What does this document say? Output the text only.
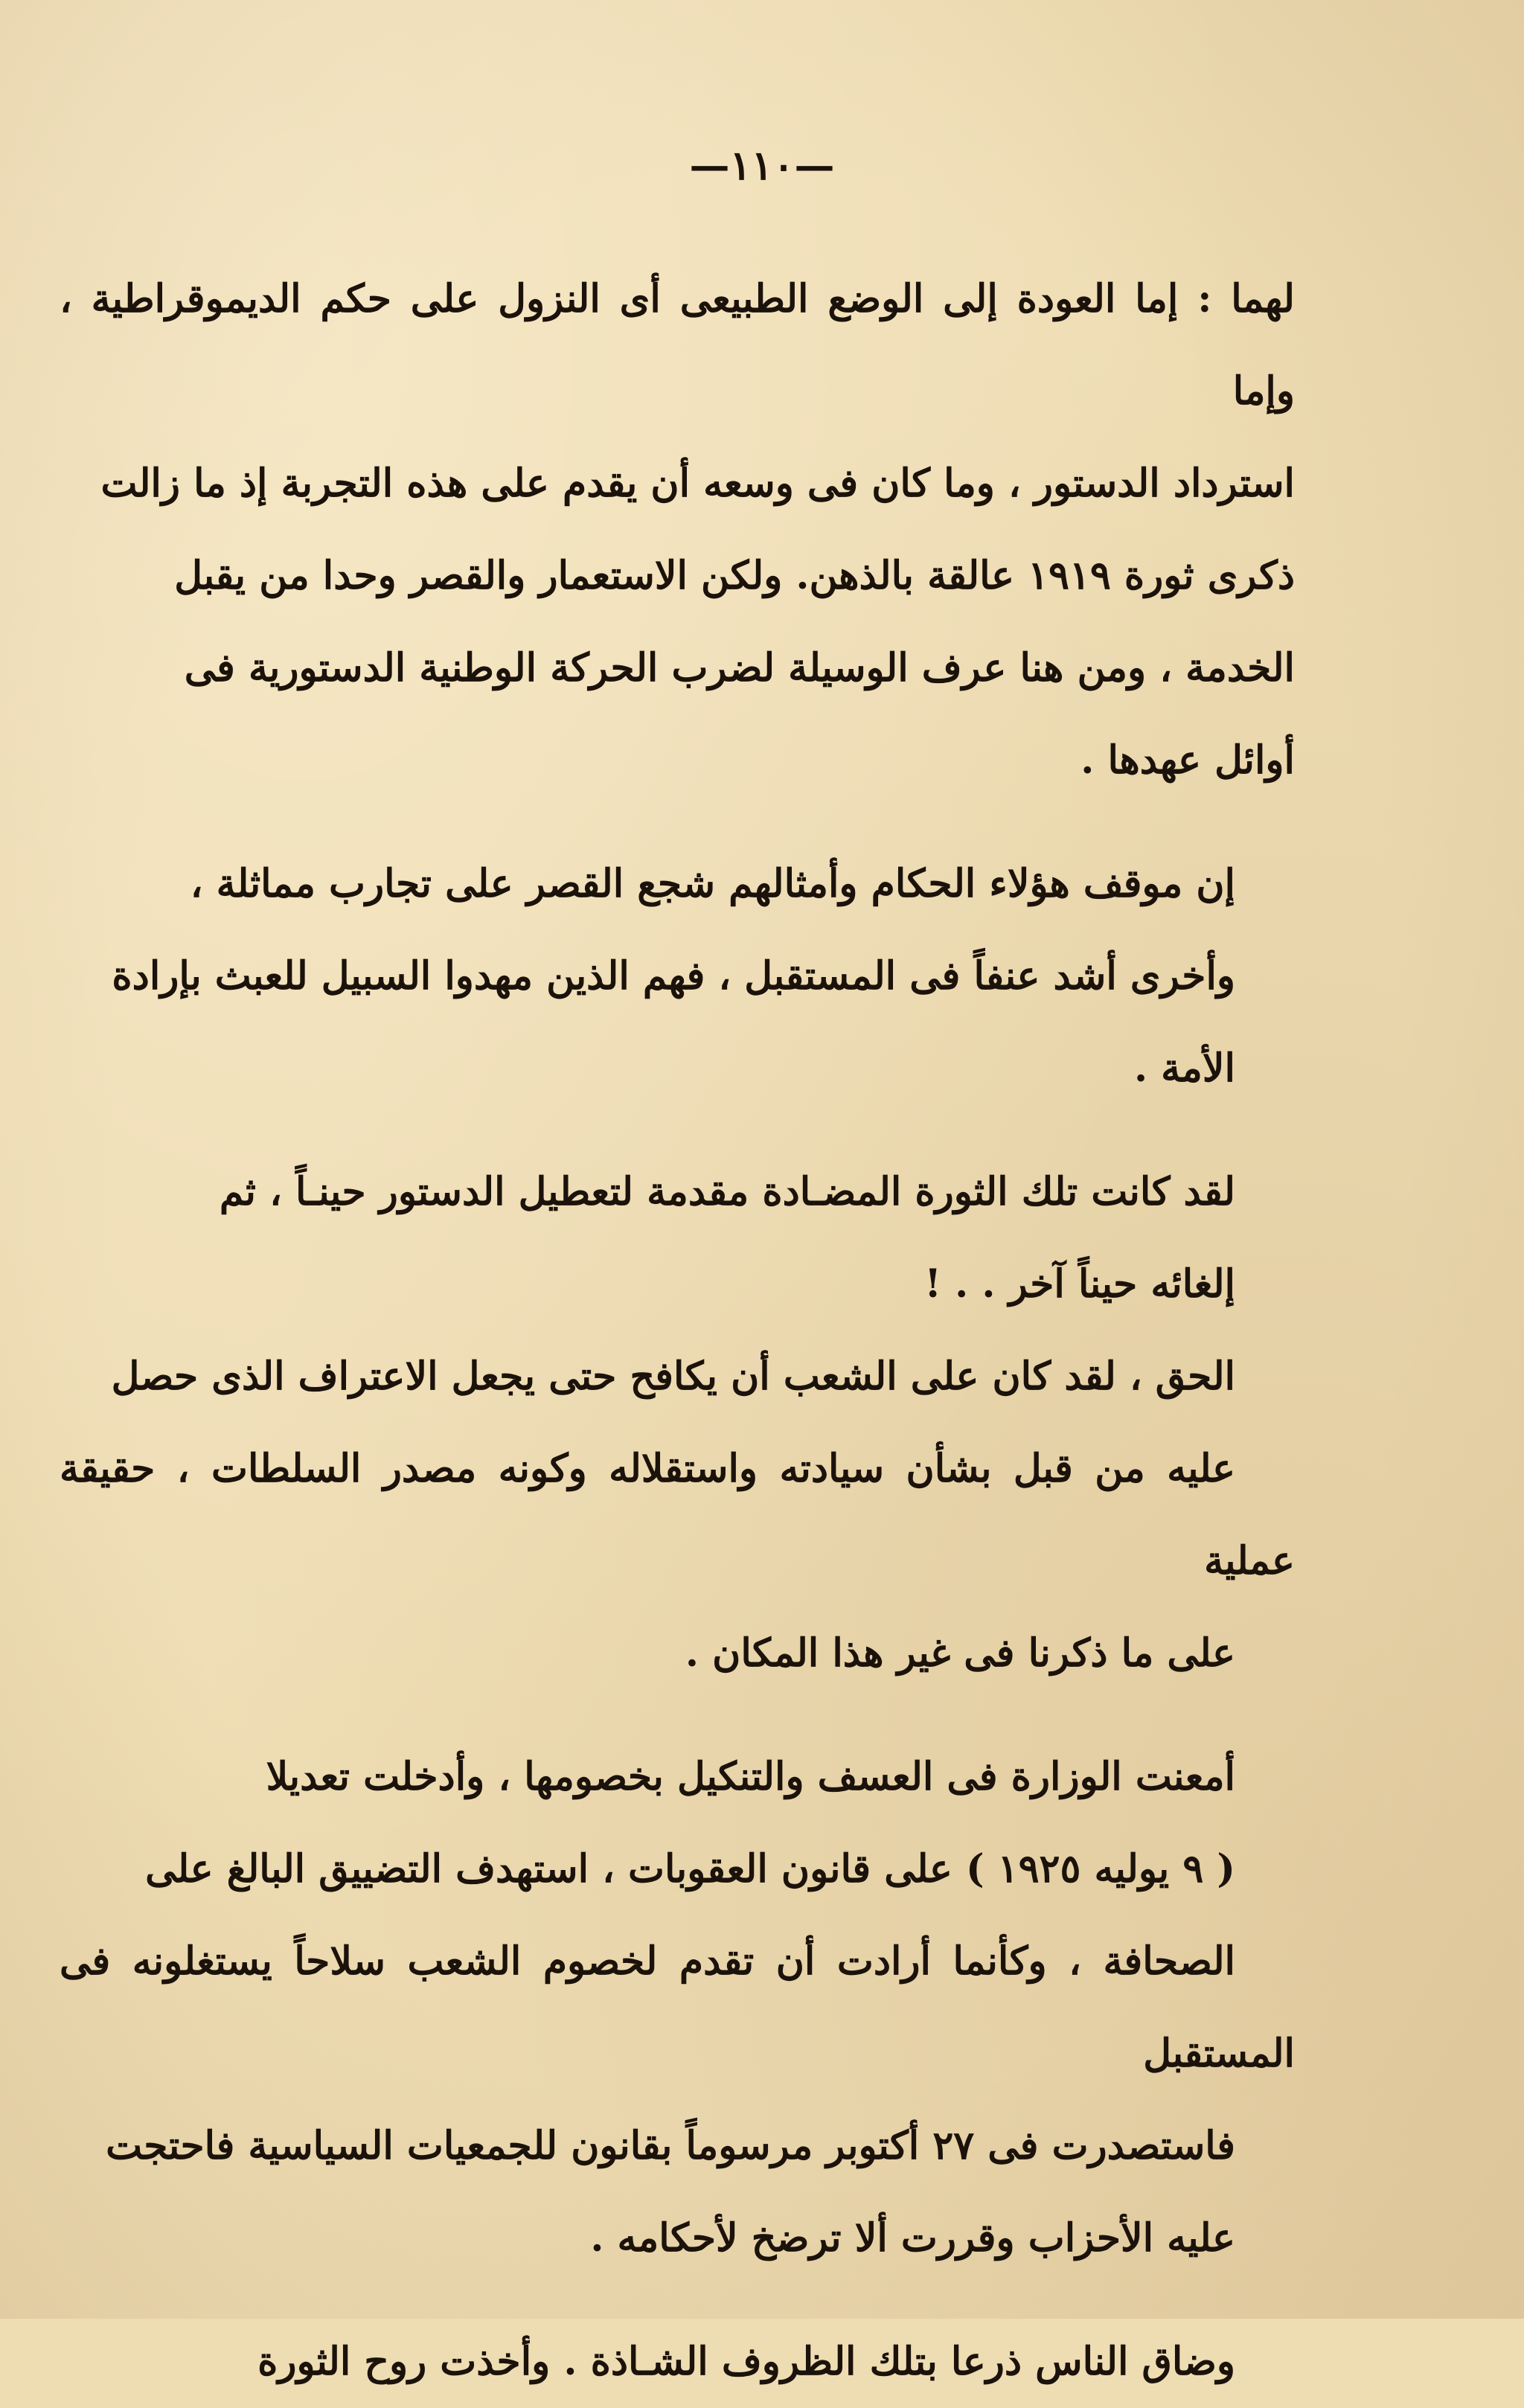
—١١٠—

لهما : إما العودة إلى الوضع الطبيعى أى النزول على حكم الديموقراطية ، وإما
استرداد الدستور ، وما كان فى وسعه أن يقدم على هذه التجربة إذ ما زالت
ذكرى ثورة ١٩١٩ عالقة بالذهن. ولكن الاستعمار والقصر وحدا من يقبل
الخدمة ، ومن هنا عرف الوسيلة لضرب الحركة الوطنية الدستورية فى
أوائل عهدها .

إن موقف هؤلاء الحكام وأمثالهم شجع القصر على تجارب مماثلة ،
وأخرى أشد عنفاً فى المستقبل ، فهم الذين مهدوا السبيل للعبث بإرادة
الأمة .

لقد كانت تلك الثورة المضـادة مقدمة لتعطيل الدستور حينـاً ، ثم
إلغائه حيناً آخر . . !

الحق ، لقد كان على الشعب أن يكافح حتى يجعل الاعتراف الذى حصل
عليه من قبل بشأن سيادته واستقلاله وكونه مصدر السلطات ، حقيقة عملية
على ما ذكرنا فى غير هذا المكان .

أمعنت الوزارة فى العسف والتنكيل بخصومها ، وأدخلت تعديلا
( ٩ يوليه ١٩٢٥ ) على قانون العقوبات ، استهدف التضييق البالغ على
الصحافة ، وكأنما أرادت أن تقدم لخصوم الشعب سلاحاً يستغلونه فى المستقبل
فاستصدرت فى ٢٧ أكتوبر مرسوماً بقانون للجمعيات السياسية فاحتجت
عليه الأحزاب وقررت ألا ترضخ لأحكامه .

وضاق الناس ذرعا بتلك الظروف الشـاذة . وأخذت روح الثورة
